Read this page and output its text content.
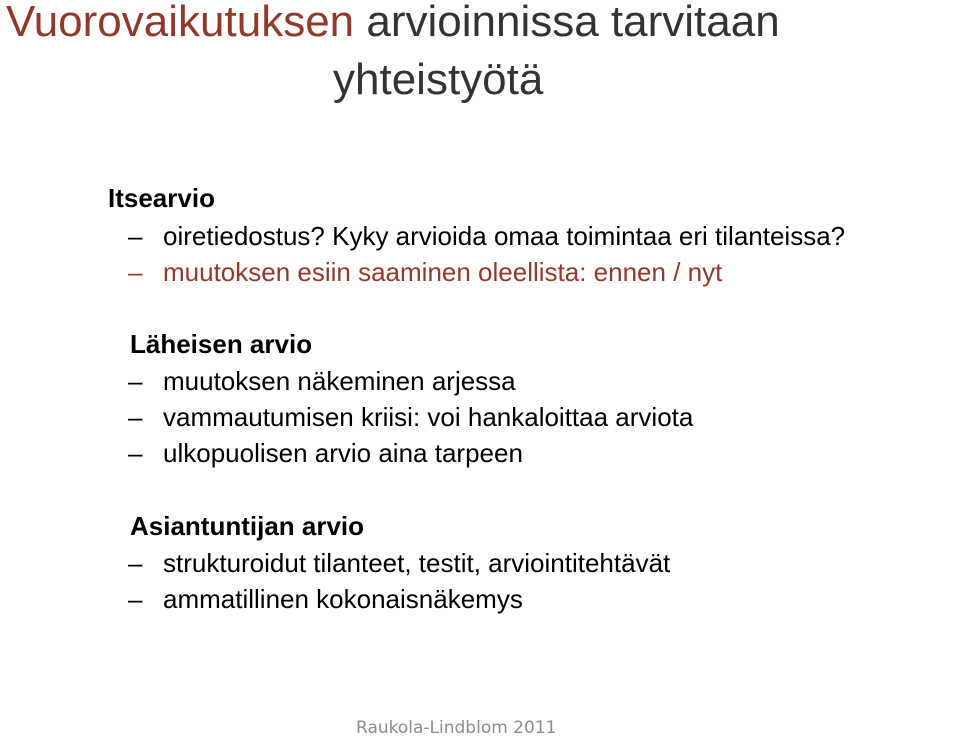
Vuorovaikutuksen arvioinnissa tarvitaan
yhteistyötä

Itsearvio

– oiretiedostus? Kyky arvioida omaa toimintaa eri tilanteissa?
– muutoksen esiin saaminen oleellista: ennen / nyt

Läheisen arvio

– muutoksen näkeminen arjessa
– vammautumisen kriisi: voi hankaloittaa arviota
– ulkopuolisen arvio aina tarpeen

Asiantuntijan arvio

– strukturoidut tilanteet, testit, arviointitehtävät
– ammatillinen kokonaisnäkemys
Raukola-Lindblom 2011
